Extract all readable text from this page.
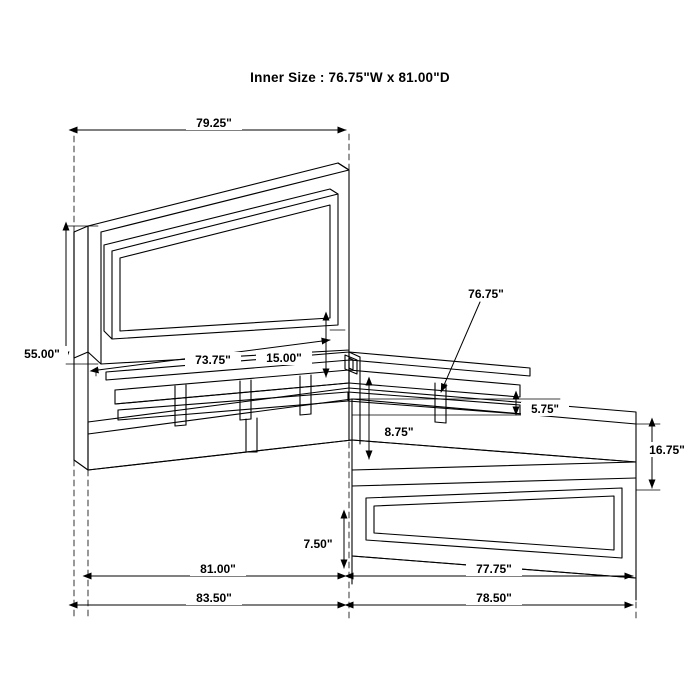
Inner Size : 76.75"W x 81.00"D
79.25"
55.00"	73.75"	15.00"
76.75"
5.75"
8.75"
16.75"
7.50"
81.00"	77.75"
83.50"	78.50"
